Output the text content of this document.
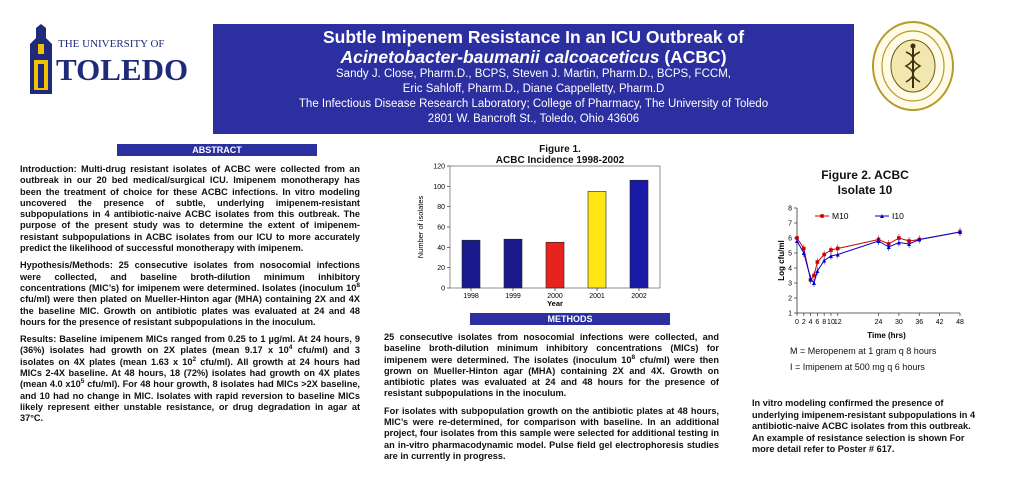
THE UNIVERSITY OF
TOLEDO
Subtle Imipenem Resistance In an ICU Outbreak of
Acinetobacter-baumanii calcoaceticus (ACBC)
Sandy J. Close, Pharm.D., BCPS, Steven J. Martin, Pharm.D., BCPS, FCCM,
Eric Sahloff, Pharm.D., Diane Cappelletty, Pharm.D
The Infectious Disease Research Laboratory; College of Pharmacy, The University of Toledo
2801 W. Bancroft St., Toledo, Ohio 43606
ABSTRACT

Introduction: Multi-drug resistant isolates of ACBC were collected from an outbreak in our 20 bed medical/surgical ICU. Imipenem monotherapy has been the treatment of choice for these ACBC infections. In vitro modeling uncovered the presence of subtle, underlying imipenem-resistant subpopulations in 4 antibiotic-naive ACBC isolates from this outbreak. The purpose of the present study was to determine the extent of imipenem-resistant subpopulations in ACBC isolates from our ICU to more accurately predict the likelihood of successful monotherapy with imipenem.

Hypothesis/Methods: 25 consecutive isolates from nosocomial infections were collected, and baseline broth-dilution minimum inhibitory concentrations (MIC’s) for imipenem were determined. Isolates (inoculum $10^8$ cfu/ml) were then plated on Mueller-Hinton agar (MHA) containing 2X and 4X the baseline MIC. Growth on antibiotic plates was evaluated at 24 and 48 hours for the presence of resistant subpopulations in the inoculum.

Results: Baseline imipenem MICs ranged from 0.25 to 1 µg/ml. At 24 hours, 9 (36%) isolates had growth on 2X plates (mean 9.17 x $10^4$ cfu/ml) and 3 isolates on 4X plates (mean 1.63 x $10^2$ cfu/ml). All growth at 24 hours had MICs 2-4X baseline. At 48 hours, 18 (72%) isolates had growth on 4X plates (mean 4.0 $x10^5$ cfu/ml). For 48 hour growth, 8 isolates had MICs >2X baseline, and 10 had no change in MIC. Isolates with rapid reversion to baseline MICs likely represent either unstable resistance, or drug degradation in agar at 37°C.

Figure 1.
ACBC Incidence 1998-2002
0
20
40
60
80
100
120
1998	1999	2000	2001	2002
Year
Number of isolates
METHODS

25 consecutive isolates from nosocomial infections were collected, and baseline broth-dilution minimum inhibitory concentrations (MICs) for imipenem were determined. The isolates (inoculum $10^8$ cfu/ml) were then grown on Mueller-Hinton agar (MHA) containing 2X and 4X. Growth on antibiotic plates was evaluated at 24 and 48 hours for the presence of resistant subpopulations in the inoculum.

For isolates with subpopulation growth on the antibiotic plates at 48 hours, MIC’s were re-determined, for comparison with baseline. In an additional project, four isolates from this sample were selected for additional testing in an in-vitro pharmacodynamic model. Pulse field gel electrophoresis studies are in currently in progress.

Figure 2. ACBC
Isolate 10
1
2
3
4
5
6
7
8
0 2 4 6 8 10
12	24 30 36 42 48
Time (hrs)
Log cfu/ml
M10	I10
M = Meropenem at 1 gram q 8 hours
I = Imipenem at 500 mg q 6 hours
In vitro modeling confirmed the presence of underlying imipenem-resistant subpopulations in 4 antibiotic-naive ACBC isolates from this outbreak. An example of resistance selection is shown For more detail refer to Poster # 617.
